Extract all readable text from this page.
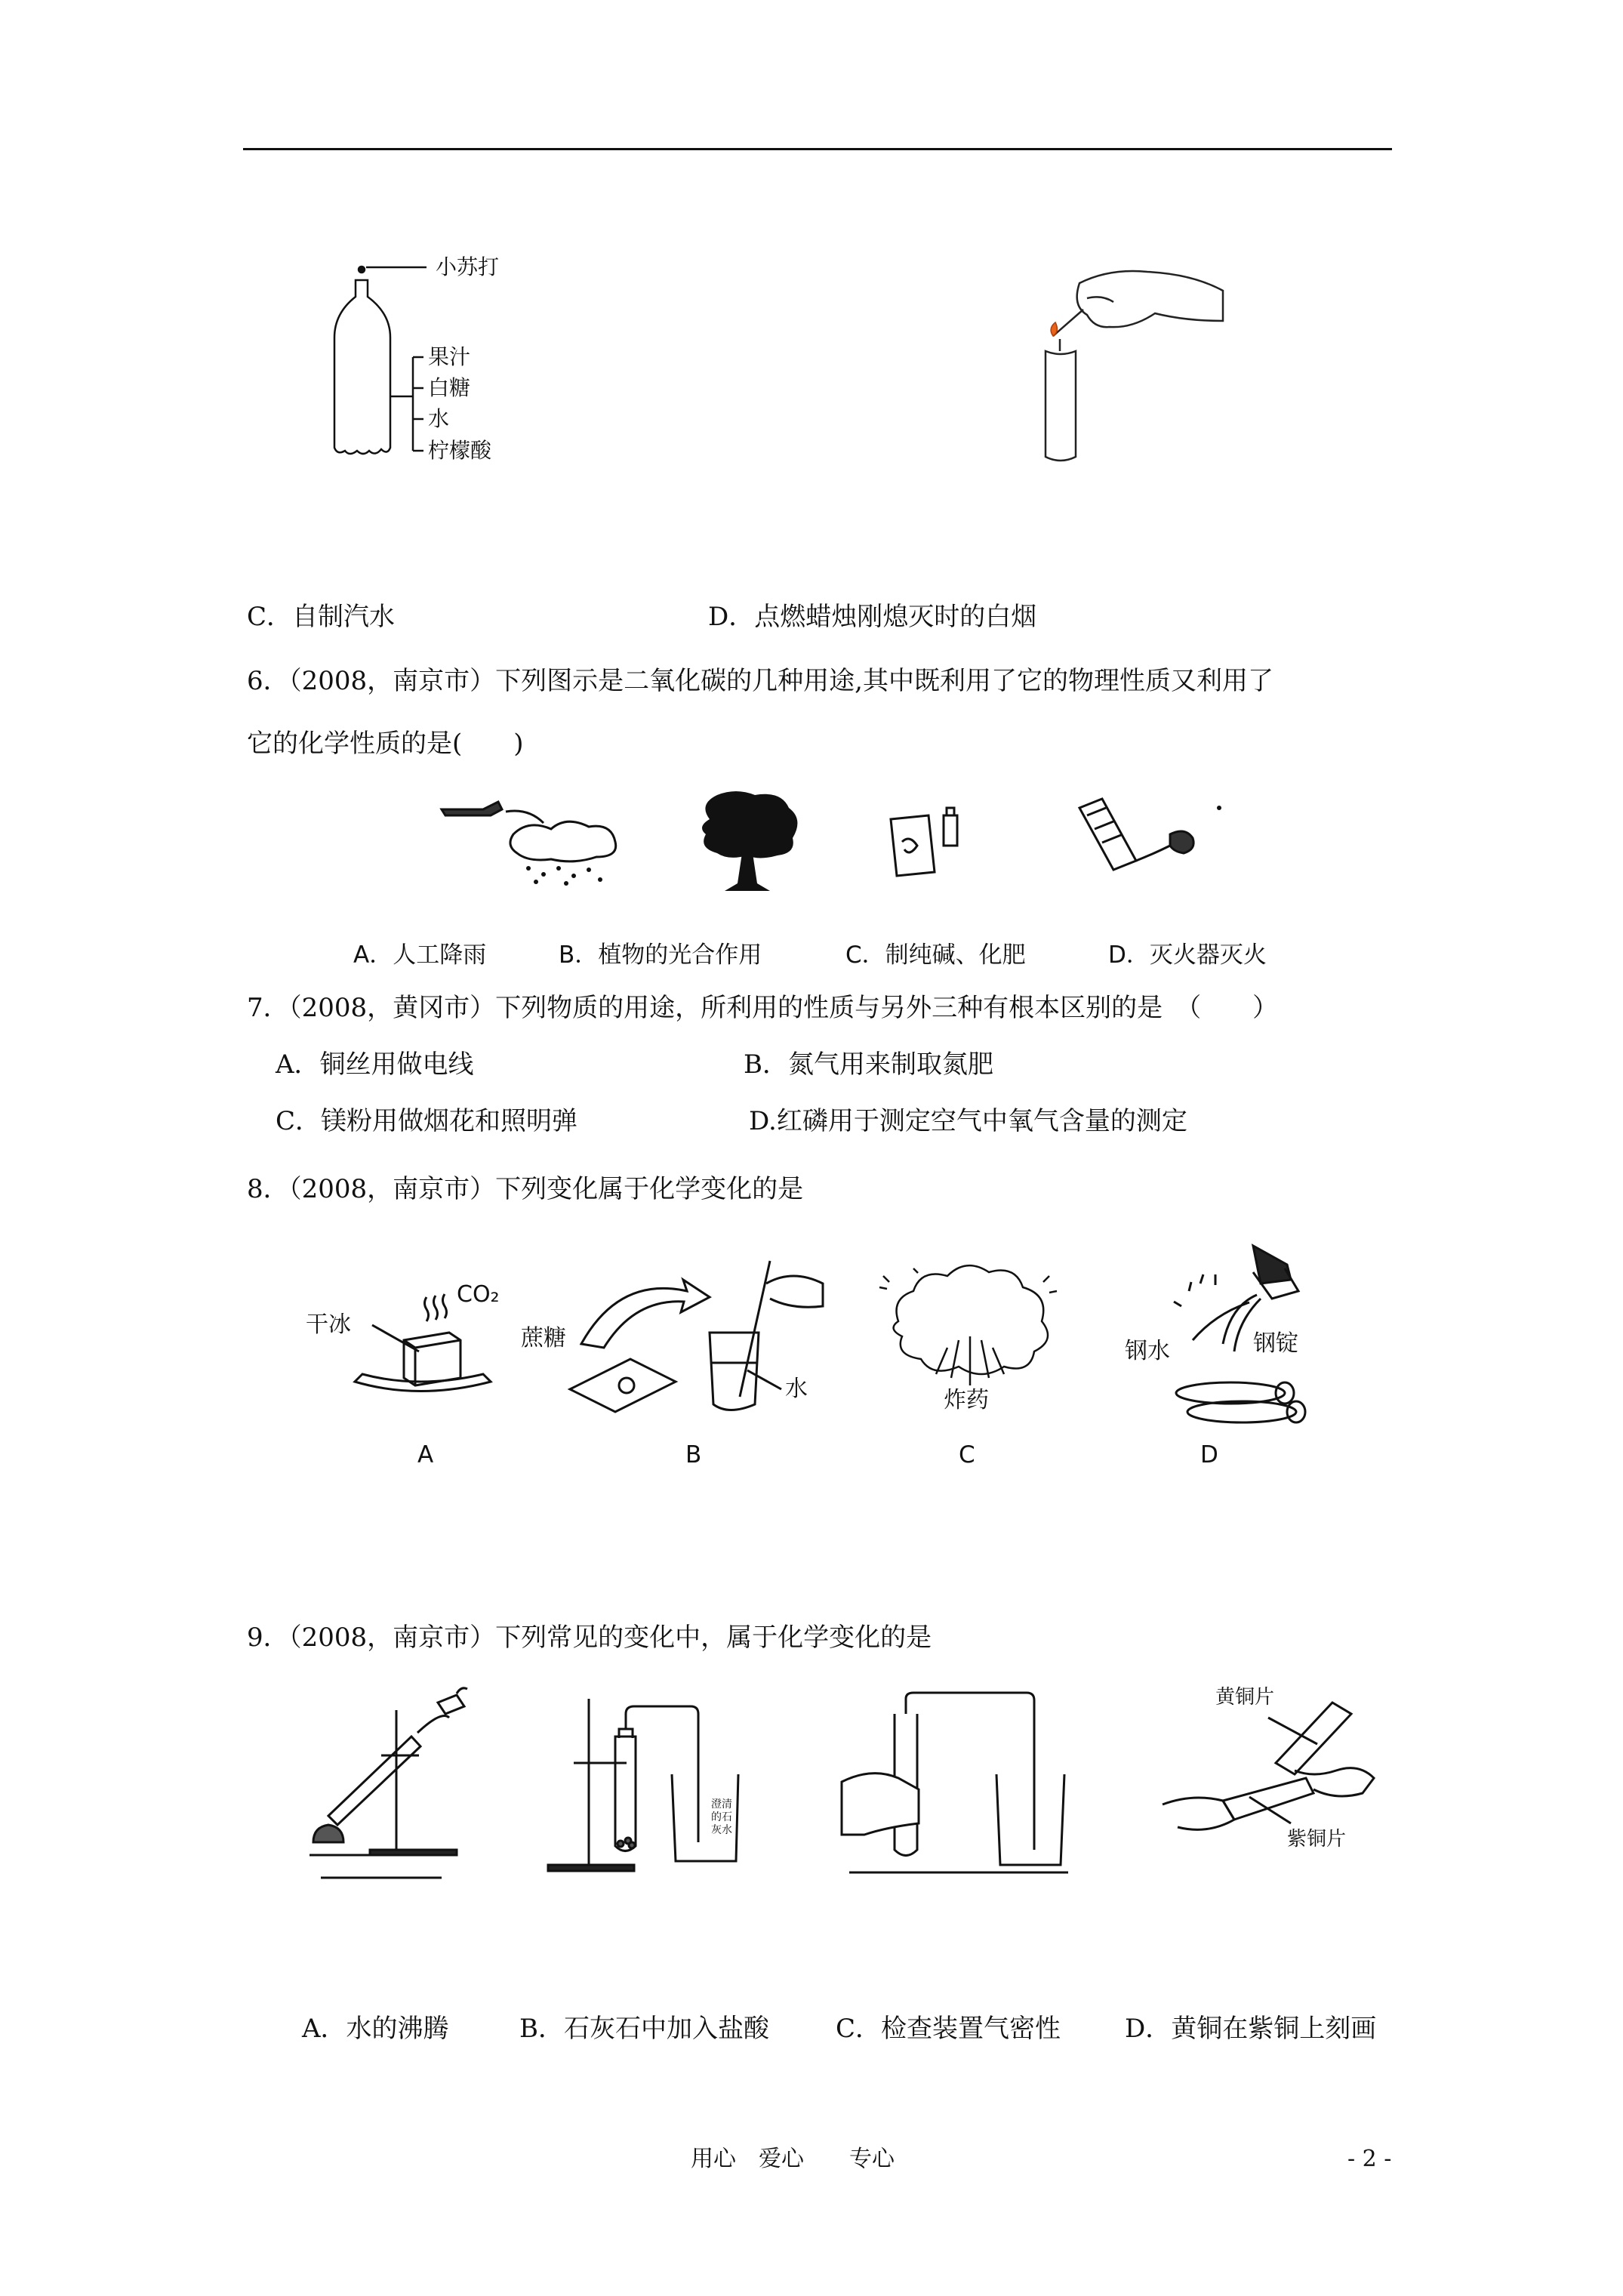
小苏打
果汁
白糖
水
柠檬酸
C．自制汽水	D．点燃蜡烛刚熄灭时的白烟
6．（2008，南京市）下列图示是二氧化碳的几种用途,其中既利用了它的物理性质又利用了
它的化学性质的是(　　)
A．人工降雨	B．植物的光合作用	C．制纯碱、化肥	D．灭火器灭火
7．（2008，黄冈市）下列物质的用途，所利用的性质与另外三种有根本区别的是　（　　）
A．铜丝用做电线	B．氮气用来制取氮肥
C．镁粉用做烟花和照明弹	D.红磷用于测定空气中氧气含量的测定
8．（2008，南京市）下列变化属于化学变化的是
干冰
CO₂
蔗糖
水	炸药
钢水	钢锭
A	B	C	D
9．（2008，南京市）下列常见的变化中，属于化学变化的是
澄清的石灰水
黄铜片
紫铜片
A．水的沸腾	B．石灰石中加入盐酸	C．检查装置气密性 D．黄铜在紫铜上刻画
用心　爱心　　专心	- 2 -
